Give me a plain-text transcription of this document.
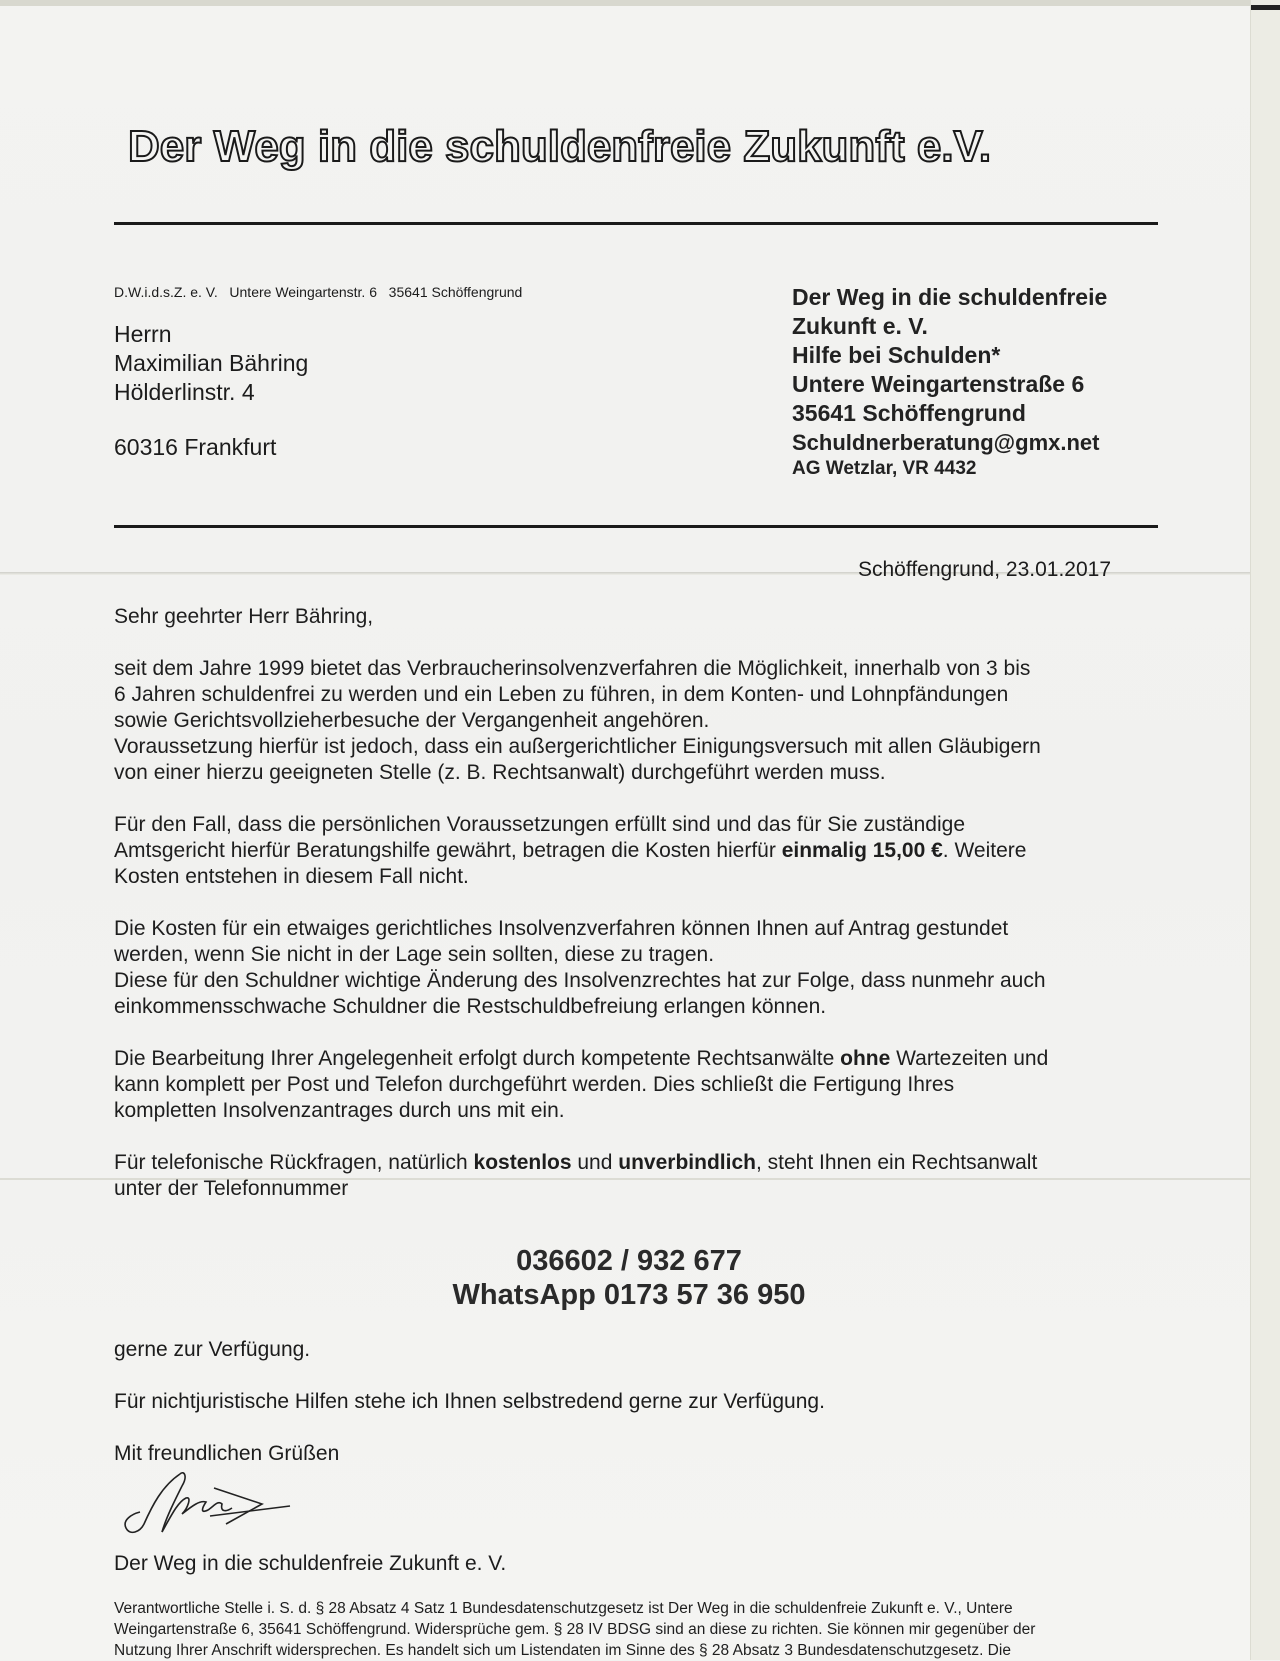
Der Weg in die schuldenfreie Zukunft e.V.
D.W.i.d.s.Z. e. V.   Untere Weingartenstr. 6   35641 Schöffengrund
Herrn
Maximilian Bähring
Hölderlinstr. 4
60316 Frankfurt
Der Weg in die schuldenfreie
Zukunft e. V.
Hilfe bei Schulden*
Untere Weingartenstraße 6
35641 Schöffengrund
Schuldnerberatung@gmx.net
AG Wetzlar, VR 4432
Schöffengrund, 23.01.2017

Sehr geehrter Herr Bähring,

seit dem Jahre 1999 bietet das Verbraucherinsolvenzverfahren die Möglichkeit, innerhalb von 3 bis

6 Jahren schuldenfrei zu werden und ein Leben zu führen, in dem Konten- und Lohnpfändungen

sowie Gerichtsvollzieherbesuche der Vergangenheit angehören.

Voraussetzung hierfür ist jedoch, dass ein außergerichtlicher Einigungsversuch mit allen Gläubigern

von einer hierzu geeigneten Stelle (z. B. Rechtsanwalt) durchgeführt werden muss.

Für den Fall, dass die persönlichen Voraussetzungen erfüllt sind und das für Sie zuständige

Amtsgericht hierfür Beratungshilfe gewährt, betragen die Kosten hierfür einmalig 15,00 €. Weitere

Kosten entstehen in diesem Fall nicht.

Die Kosten für ein etwaiges gerichtliches Insolvenzverfahren können Ihnen auf Antrag gestundet

werden, wenn Sie nicht in der Lage sein sollten, diese zu tragen.

Diese für den Schuldner wichtige Änderung des Insolvenzrechtes hat zur Folge, dass nunmehr auch

einkommensschwache Schuldner die Restschuldbefreiung erlangen können.

Die Bearbeitung Ihrer Angelegenheit erfolgt durch kompetente Rechtsanwälte ohne Wartezeiten und

kann komplett per Post und Telefon durchgeführt werden. Dies schließt die Fertigung Ihres

kompletten Insolvenzantrages durch uns mit ein.

Für telefonische Rückfragen, natürlich kostenlos und unverbindlich, steht Ihnen ein Rechtsanwalt

unter der Telefonnummer

036602 / 932 677
WhatsApp 0173 57 36 950

gerne zur Verfügung.

Für nichtjuristische Hilfen stehe ich Ihnen selbstredend gerne zur Verfügung.

Mit freundlichen Grüßen

Der Weg in die schuldenfreie Zukunft e. V.
Verantwortliche Stelle i. S. d. § 28 Absatz 4 Satz 1 Bundesdatenschutzgesetz ist Der Weg in die schuldenfreie Zukunft e. V., Untere
Weingartenstraße 6, 35641 Schöffengrund. Widersprüche gem. § 28 IV BDSG sind an diese zu richten. Sie können mir gegenüber der
Nutzung Ihrer Anschrift widersprechen. Es handelt sich um Listendaten im Sinne des § 28 Absatz 3 Bundesdatenschutzgesetz. Die
